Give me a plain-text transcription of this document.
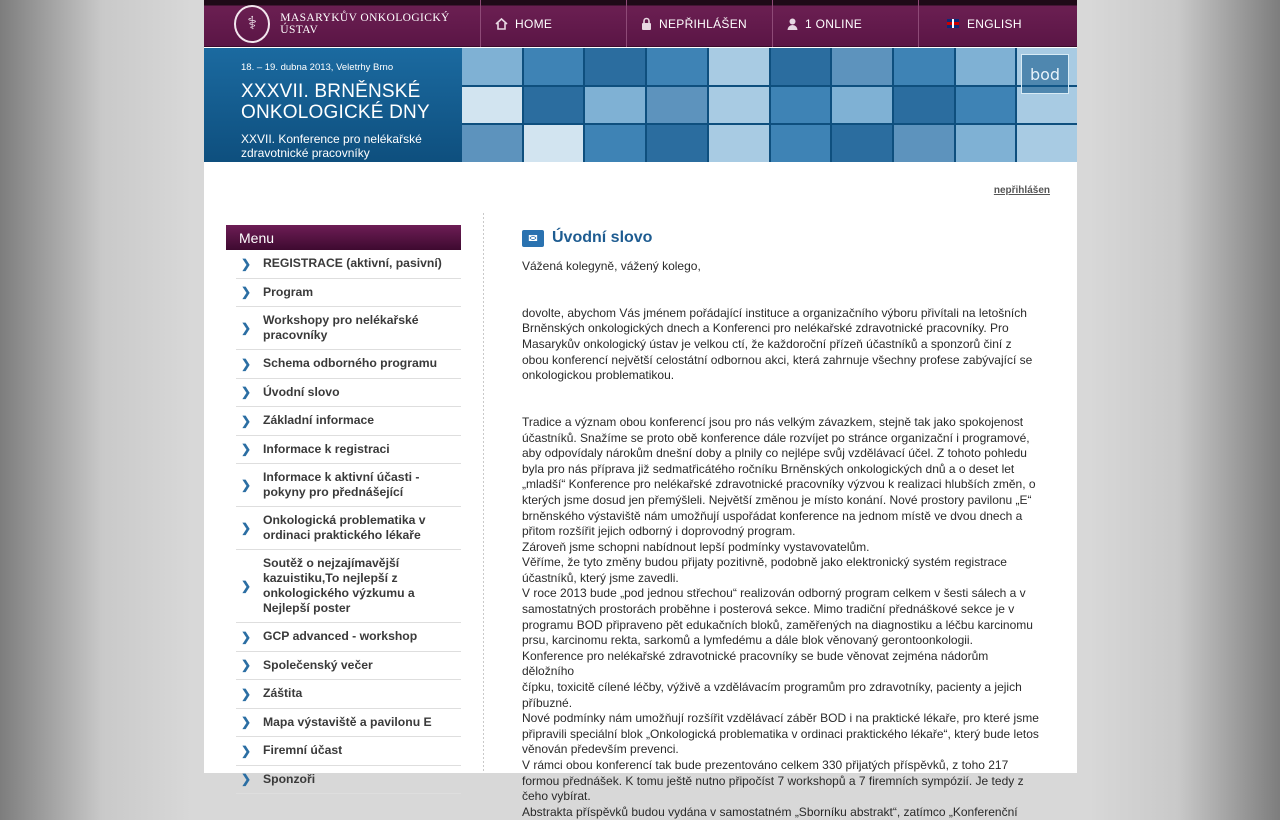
⚕	MASARYKŮV ONKOLOGICKÝ ÚSTAV	HOME	NEPŘIHLÁŠEN	1 ONLINE	ENGLISH
18. – 19. dubna 2013, Veletrhy Brno
XXXVII. BRNĚNSKÉ
ONKOLOGICKÉ DNY
XXVII. Konference pro nelékařské zdravotnické pracovníky
bod
nepřihlášen
Menu
❯ REGISTRACE (aktivní, pasivní)
❯ Program
❯
Workshopy pro nelékařské pracovníky
❯ Schema odborného programu
❯ Úvodní slovo
❯ Základní informace
❯ Informace k registraci
❯
Informace k aktivní účasti - pokyny pro přednášející
❯
Onkologická problematika v ordinaci praktického lékaře
❯
Soutěž o nejzajímavější kazuistiku,To nejlepší z onkologického výzkumu a Nejlepší poster
❯ GCP advanced - workshop
❯ Společenský večer
❯ Záštita
❯ Mapa výstaviště a pavilonu E
❯ Firemní účast
❯ Sponzoři
✉ Úvodní slovo

Vážená kolegyně, vážený kolego,

dovolte, abychom Vás jménem pořádající instituce a organizačního výboru přivítali na letošních
Brněnských onkologických dnech a Konferenci pro nelékařské zdravotnické pracovníky. Pro
Masarykův onkologický ústav je velkou ctí, že každoroční přízeň účastníků a sponzorů činí z
obou konferencí největší celostátní odbornou akci, která zahrnuje všechny profese zabývající se
onkologickou problematikou.

Tradice a význam obou konferencí jsou pro nás velkým závazkem, stejně tak jako spokojenost
účastníků. Snažíme se proto obě konference dále rozvíjet po stránce organizační i programové,
aby odpovídaly nárokům dnešní doby a plnily co nejlépe svůj vzdělávací účel. Z tohoto pohledu
byla pro nás příprava již sedmatřicátého ročníku Brněnských onkologických dnů a o deset let
„mladší“ Konference pro nelékařské zdravotnické pracovníky výzvou k realizaci hlubších změn, o
kterých jsme dosud jen přemýšleli. Největší změnou je místo konání. Nové prostory pavilonu „E“
brněnského výstaviště nám umožňují uspořádat konference na jednom místě ve dvou dnech a
přitom rozšířit jejich odborný i doprovodný program.
Zároveň jsme schopni nabídnout lepší podmínky vystavovatelům.
Věříme, že tyto změny budou přijaty pozitivně, podobně jako elektronický systém registrace
účastníků, který jsme zavedli.
V roce 2013 bude „pod jednou střechou“ realizován odborný program celkem v šesti sálech a v
samostatných prostorách proběhne i posterová sekce. Mimo tradiční přednáškové sekce je v
programu BOD připraveno pět edukačních bloků, zaměřených na diagnostiku a léčbu karcinomu
prsu, karcinomu rekta, sarkomů a lymfedému a dále blok věnovaný gerontoonkologii.
Konference pro nelékařské zdravotnické pracovníky se bude věnovat zejména nádorům děložního
čípku, toxicitě cílené léčby, výživě a vzdělávacím programům pro zdravotníky, pacienty a jejich
příbuzné.
Nové podmínky nám umožňují rozšířit vzdělávací záběr BOD i na praktické lékaře, pro které jsme
připravili speciální blok „Onkologická problematika v ordinaci praktického lékaře“, který bude letos
věnován především prevenci.
V rámci obou konferencí tak bude prezentováno celkem 330 přijatých příspěvků, z toho 217
formou přednášek. K tomu ještě nutno připočíst 7 workshopů a 7 firemních sympózií. Je tedy z
čeho vybírat.
Abstrakta příspěvků budou vydána v samostatném „Sborníku abstrakt“, zatímco „Konferenční
